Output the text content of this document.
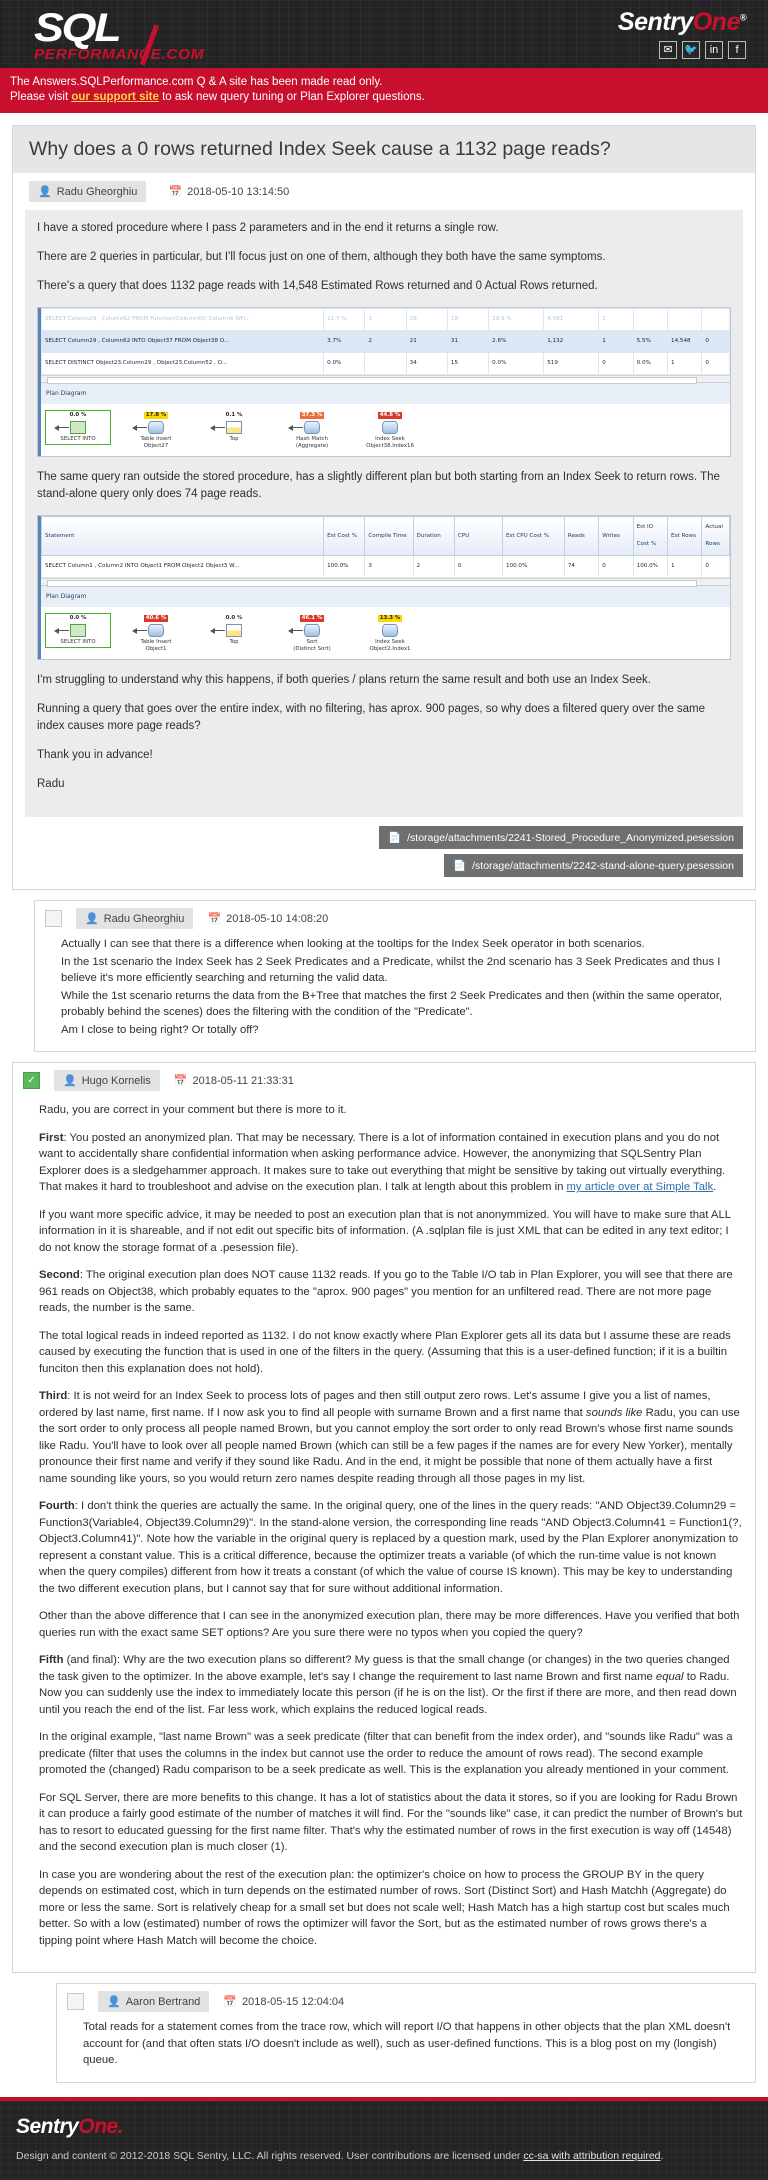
SQL
PERFORMANCE.COM
SentryOne®
✉	🐦	in	f
The Answers.SQLPerformance.com Q & A site has been made read only.
Please visit our support site to ask new query tuning or Plan Explorer questions.
Why does a 0 rows returned Index Seek cause a 1132 page reads?
👤 Radu Gheorghiu	📅 2018-05-10 13:14:50

I have a stored procedure where I pass 2 parameters and in the end it returns a single row.

There are 2 queries in particular, but I'll focus just on one of them, although they both have the same symptoms.

There's a query that does 1132 page reads with 14,548 Estimated Rows returned and 0 Actual Rows returned.

SELECT Column29 , Column62 FROM Function(Column65) Column6 WH...	11.7 %	3	29	18	29.9 %	4,991	1			
SELECT Column29 , Column62 INTO Object37 FROM Object38 O...	3.7%	2	21	31	2.6%	1,132	1	5.5%	14,548	0
SELECT DISTINCT Object23.Column29 , Object23.Column52 , O...	0.0%		34	15	0.0%	519	0	0.0%	1	0
Plan Diagram
44.8 %
Index Seek
Object38.Index16
37.3 %
Hash Match
(Aggregate)
0.1 %
Top
17.8 %
Table Insert
Object27
0.0 %
SELECT INTO

The same query ran outside the stored procedure, has a slightly different plan but both starting from an Index Seek to return rows. The stand-alone query only does 74 page reads.

Statement	Est Cost %	Compile Time	Duration	CPU	Est CPU Cost %	Reads	Writes	Est IO Cost %	Est Rows	Actual Rows
SELECT Column1 , Column2 INTO Object1 FROM Object2 Object3 W...	100.0%	3	2	0	100.0%	74	0	100.0%	1	0
Plan Diagram
13.3 %
Index Seek
Object2.Index1
46.1 %
Sort
(Distinct Sort)
0.0 %
Top
40.6 %
Table Insert
Object1
0.0 %
SELECT INTO

I'm struggling to understand why this happens, if both queries / plans return the same result and both use an Index Seek.

Running a query that goes over the entire index, with no filtering, has aprox. 900 pages, so why does a filtered query over the same index causes more page reads?

Thank you in advance!

Radu

📄 /storage/attachments/2241-Stored_Procedure_Anonymized.pesession
📄 /storage/attachments/2242-stand-alone-query.pesession
👤 Radu Gheorghiu 📅 2018-05-10 14:08:20

Actually I can see that there is a difference when looking at the tooltips for the Index Seek operator in both scenarios.

In the 1st scenario the Index Seek has 2 Seek Predicates and a Predicate, whilst the 2nd scenario has 3 Seek Predicates and thus I believe it's more efficiently searching and returning the valid data.

While the 1st scenario returns the data from the B+Tree that matches the first 2 Seek Predicates and then (within the same operator, probably behind the scenes) does the filtering with the condition of the "Predicate".

Am I close to being right? Or totally off?

✓	👤 Hugo Kornelis 📅 2018-05-11 21:33:31

Radu, you are correct in your comment but there is more to it.

First: You posted an anonymized plan. That may be necessary. There is a lot of information contained in execution plans and you do not want to accidentally share confidential information when asking performance advice. However, the anonymizing that SQLSentry Plan Explorer does is a sledgehammer approach. It makes sure to take out everything that might be sensitive by taking out virtually everything. That makes it hard to troubleshoot and advise on the execution plan. I talk at length about this problem in my article over at Simple Talk.

If you want more specific advice, it may be needed to post an execution plan that is not anonymmized. You will have to make sure that ALL information in it is shareable, and if not edit out specific bits of information. (A .sqlplan file is just XML that can be edited in any text editor; I do not know the storage format of a .pesession file).

Second: The original execution plan does NOT cause 1132 reads. If you go to the Table I/O tab in Plan Explorer, you will see that there are 961 reads on Object38, which probably equates to the "aprox. 900 pages" you mention for an unfiltered read. There are not more page reads, the number is the same.

The total logical reads in indeed reported as 1132. I do not know exactly where Plan Explorer gets all its data but I assume these are reads caused by executing the function that is used in one of the filters in the query. (Assuming that this is a user-defined function; if it is a builtin funciton then this explanation does not hold).

Third: It is not weird for an Index Seek to process lots of pages and then still output zero rows. Let's assume I give you a list of names, ordered by last name, first name. If I now ask you to find all people with surname Brown and a first name that sounds like Radu, you can use the sort order to only process all people named Brown, but you cannot employ the sort order to only read Brown's whose first name sounds like Radu. You'll have to look over all people named Brown (which can still be a few pages if the names are for every New Yorker), mentally pronounce their first name and verify if they sound like Radu. And in the end, it might be possible that none of them actually have a first name sounding like yours, so you would return zero names despite reading through all those pages in my list.

Fourth: I don't think the queries are actually the same. In the original query, one of the lines in the query reads: "AND Object39.Column29 = Function3(Variable4, Object39.Column29)". In the stand-alone version, the corresponding line reads "AND Object3.Column41 = Function1(?, Object3.Column41)". Note how the variable in the original query is replaced by a question mark, used by the Plan Explorer anonymization to represent a constant value. This is a critical difference, because the optimizer treats a variable (of which the run-time value is not known when the query compiles) different from how it treats a constant (of which the value of course IS known). This may be key to understanding the two different execution plans, but I cannot say that for sure without additional information.

Other than the above difference that I can see in the anonymized execution plan, there may be more differences. Have you verified that both queries run with the exact same SET options? Are you sure there were no typos when you copied the query?

Fifth (and final): Why are the two execution plans so different? My guess is that the small change (or changes) in the two queries changed the task given to the optimizer. In the above example, let's say I change the requirement to last name Brown and first name equal to Radu. Now you can suddenly use the index to immediately locate this person (if he is on the list). Or the first if there are more, and then read down until you reach the end of the list. Far less work, which explains the reduced logical reads.

In the original example, "last name Brown" was a seek predicate (filter that can benefit from the index order), and "sounds like Radu" was a predicate (filter that uses the columns in the index but cannot use the order to reduce the amount of rows read). The second example promoted the (changed) Radu comparison to be a seek predicate as well. This is the explanation you already mentioned in your comment.

For SQL Server, there are more benefits to this change. It has a lot of statistics about the data it stores, so if you are looking for Radu Brown it can produce a fairly good estimate of the number of matches it will find. For the "sounds like" case, it can predict the number of Brown's but has to resort to educated guessing for the first name filter. That's why the estimated number of rows in the first execution is way off (14548) and the second execution plan is much closer (1).

In case you are wondering about the rest of the execution plan: the optimizer's choice on how to process the GROUP BY in the query depends on estimated cost, which in turn depends on the estimated number of rows. Sort (Distinct Sort) and Hash Matchh (Aggregate) do more or less the same. Sort is relatively cheap for a small set but does not scale well; Hash Match has a high startup cost but scales much better. So with a low (estimated) number of rows the optimizer will favor the Sort, but as the estimated number of rows grows there's a tipping point where Hash Match will become the choice.

👤 Aaron Bertrand 📅 2018-05-15 12:04:04

Total reads for a statement comes from the trace row, which will report I/O that happens in other objects that the plan XML doesn't account for (and that often stats I/O doesn't include as well), such as user-defined functions. This is a blog post on my (longish) queue.

SentryOne.
Design and content © 2012-2018 SQL Sentry, LLC. All rights reserved. User contributions are licensed under cc-sa with attribution required.
